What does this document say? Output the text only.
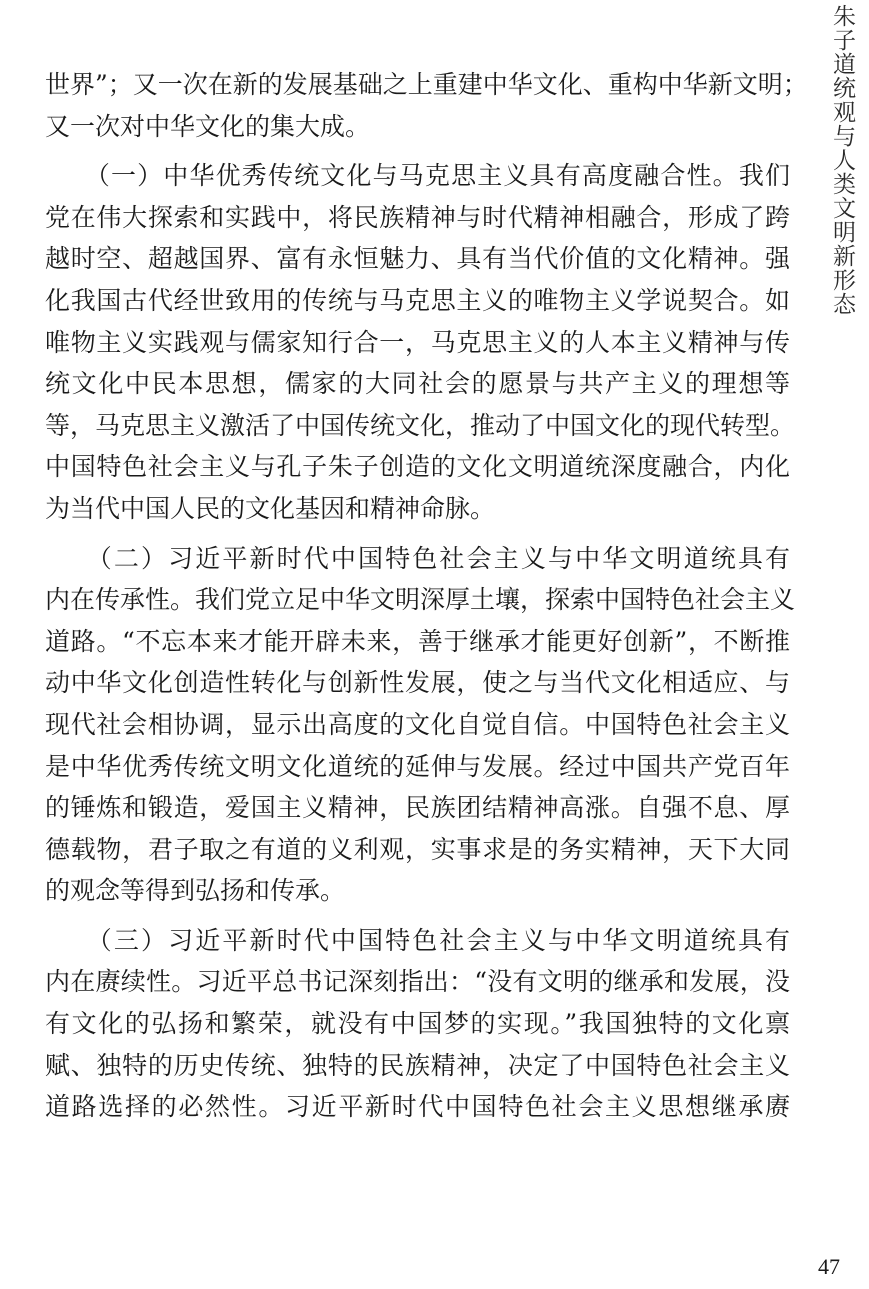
朱子道统观与人类文明新形态
世界”；又一次在新的发展基础之上重建中华文化、重构中华新文明；
又一次对中华文化的集大成。
　　（一）中华优秀传统文化与马克思主义具有高度融合性。我们
党在伟大探索和实践中，将民族精神与时代精神相融合，形成了跨
越时空、超越国界、富有永恒魅力、具有当代价值的文化精神。强
化我国古代经世致用的传统与马克思主义的唯物主义学说契合。如
唯物主义实践观与儒家知行合一，马克思主义的人本主义精神与传
统文化中民本思想，儒家的大同社会的愿景与共产主义的理想等
等，马克思主义激活了中国传统文化，推动了中国文化的现代转型。
中国特色社会主义与孔子朱子创造的文化文明道统深度融合，内化
为当代中国人民的文化基因和精神命脉。
　　（二）习近平新时代中国特色社会主义与中华文明道统具有
内在传承性。我们党立足中华文明深厚土壤，探索中国特色社会主义
道路。“不忘本来才能开辟未来，善于继承才能更好创新”，不断推
动中华文化创造性转化与创新性发展，使之与当代文化相适应、与
现代社会相协调，显示出高度的文化自觉自信。中国特色社会主义
是中华优秀传统文明文化道统的延伸与发展。经过中国共产党百年
的锤炼和锻造，爱国主义精神，民族团结精神高涨。自强不息、厚
德载物，君子取之有道的义利观，实事求是的务实精神，天下大同
的观念等得到弘扬和传承。
　　（三）习近平新时代中国特色社会主义与中华文明道统具有
内在赓续性。习近平总书记深刻指出：“没有文明的继承和发展，没
有文化的弘扬和繁荣，就没有中国梦的实现。”我国独特的文化禀
赋、独特的历史传统、独特的民族精神，决定了中国特色社会主义
道路选择的必然性。习近平新时代中国特色社会主义思想继承赓
47
